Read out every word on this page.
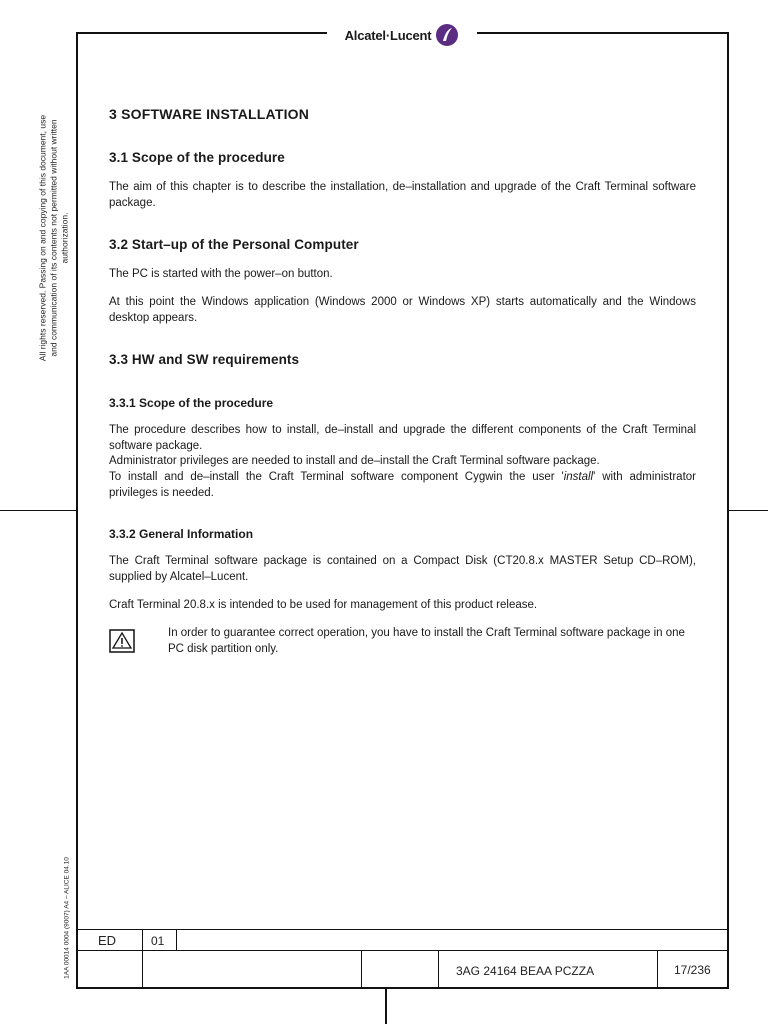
Alcatel·Lucent
All rights reserved. Passing on and copying of this document, use and communication of its contents not permitted without written authorization.
1AA 00014 0004 (9007) A4 – ALICE 04.10
3 SOFTWARE INSTALLATION
3.1 Scope of the procedure

The aim of this chapter is to describe the installation, de–installation and upgrade of the Craft Terminal software package.

3.2 Start–up of the Personal Computer

The PC is started with the power–on button.

At this point the Windows application (Windows 2000 or Windows XP) starts automatically and the Windows desktop appears.

3.3 HW and SW requirements
3.3.1 Scope of the procedure

The procedure describes how to install, de–install and upgrade the different components of the Craft Terminal software package.

Administrator privileges are needed to install and de–install the Craft Terminal software package.

To install and de–install the Craft Terminal software component Cygwin the user 'install' with administrator privileges is needed.

3.3.2 General Information

The Craft Terminal software package is contained on a Compact Disk (CT20.8.x MASTER Setup CD–ROM), supplied by Alcatel–Lucent.

Craft Terminal 20.8.x is intended to be used for management of this product release.

In order to guarantee correct operation, you have to install the Craft Terminal software package in one PC disk partition only.

ED	01
3AG 24164 BEAA PCZZA	17/236
